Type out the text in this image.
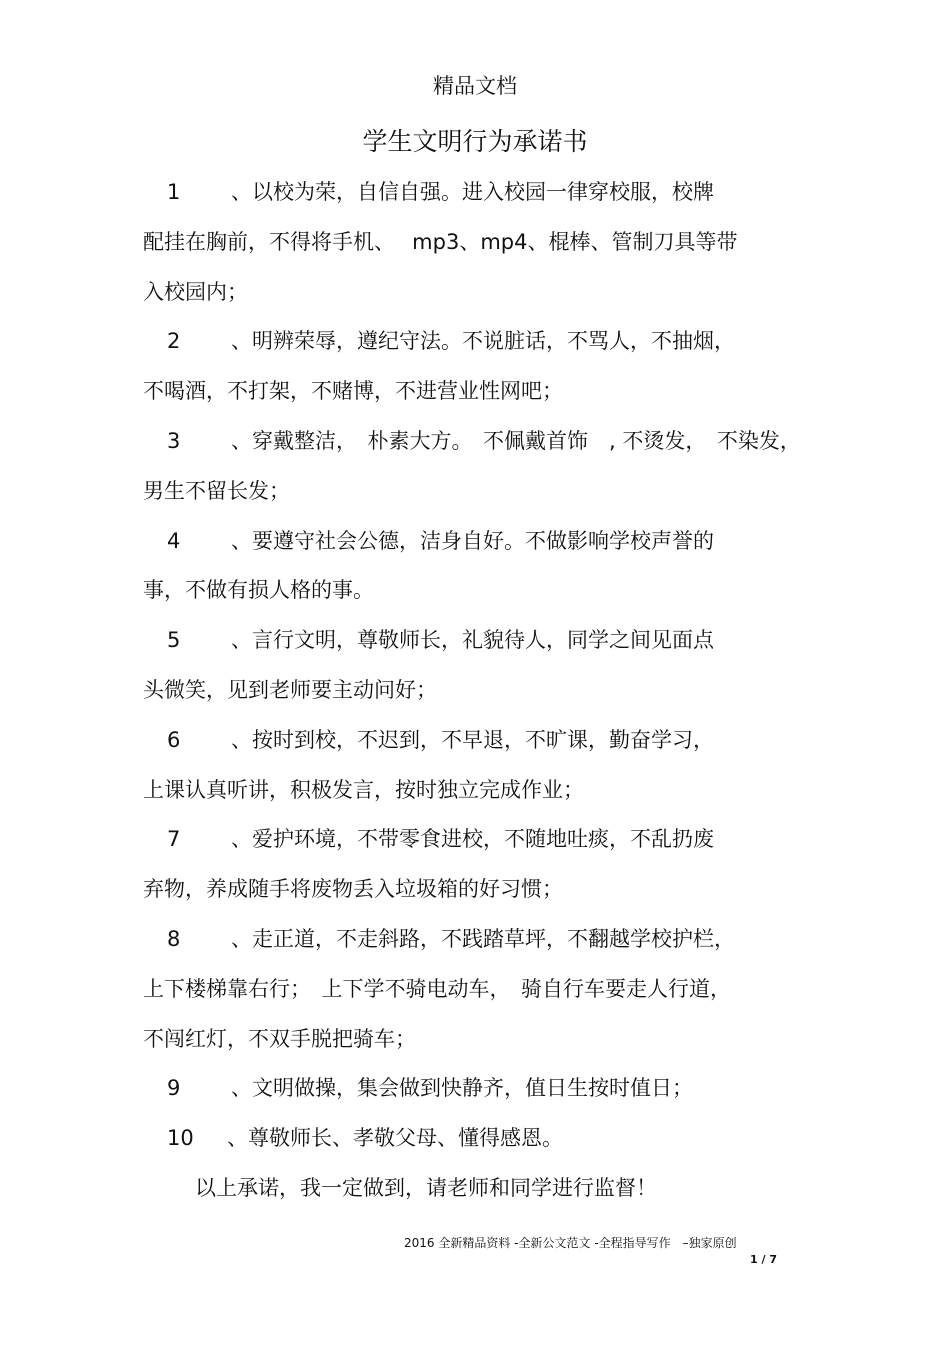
精品文档
学生文明行为承诺书
1 、以校为荣，自信自强。进入校园一律穿校服，校牌
配挂在胸前，不得将手机、　 mp3、mp4、棍棒、管制刀具等带
入校园内；
2 、明辨荣辱，遵纪守法。不说脏话，不骂人，不抽烟，
不喝酒，不打架，不赌博，不进营业性网吧；
3 、穿戴整洁，　朴素大方。　不佩戴首饰　, 不烫发，　不染发，
男生不留长发；
4 、要遵守社会公德，洁身自好。不做影响学校声誉的
事，不做有损人格的事。
5 、言行文明，尊敬师长，礼貌待人，同学之间见面点
头微笑，见到老师要主动问好；
6 、按时到校，不迟到，不早退，不旷课，勤奋学习，
上课认真听讲，积极发言，按时独立完成作业；
7 、爱护环境，不带零食进校，不随地吐痰，不乱扔废
弃物，养成随手将废物丢入垃圾箱的好习惯；
8 、走正道，不走斜路，不践踏草坪，不翻越学校护栏，
上下楼梯靠右行；　上下学不骑电动车，　骑自行车要走人行道，
不闯红灯，不双手脱把骑车；
9 、文明做操，集会做到快静齐，值日生按时值日；
10 、尊敬师长、孝敬父母、懂得感恩。
以上承诺，我一定做到，请老师和同学进行监督！
2016 全新精品资料 -全新公文范文 -全程指导写作　–独家原创
1 / 7
